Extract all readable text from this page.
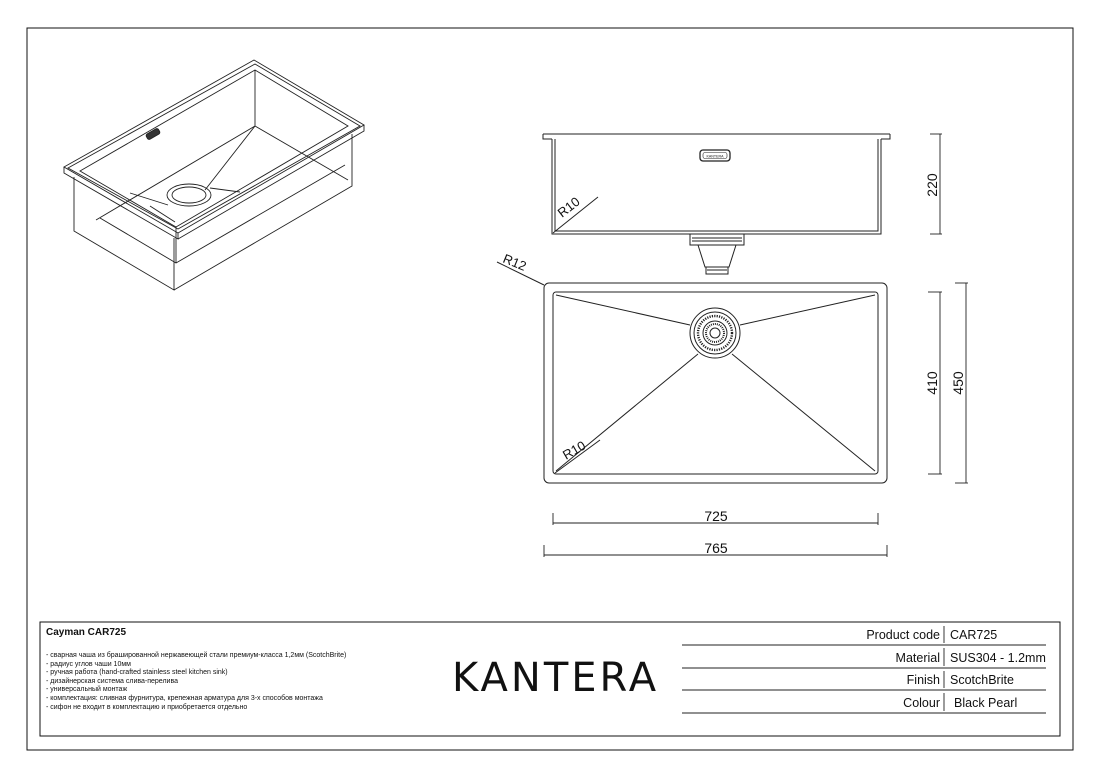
KANTERA
R10
220
R10
R12
410 450
725
765
Cayman CAR725
- сварная чаша из брашированной нержавеющей стали премиум-класса 1,2мм (ScotchBrite)
- радиус углов чаши 10мм
- ручная работа (hand-crafted stainless steel kitchen sink)
- дизайнерская система слива-перелива
- универсальный монтаж
- комплектация: сливная фурнитура, крепежная арматура для 3-х способов монтажа
- сифон не входит в комплектацию и приобретается отдельно
KANTERA
Product code CAR725
Material SUS304 - 1.2mm
Finish ScotchBrite
Colour Black Pearl
